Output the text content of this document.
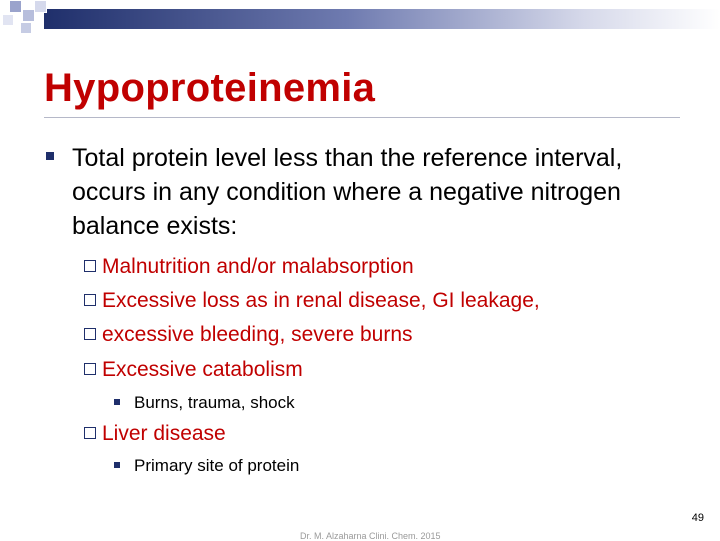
Hypoproteinemia
Total protein level less than the reference interval, occurs in any condition where a negative nitrogen balance exists:
Malnutrition and/or malabsorption
Excessive loss as in renal disease, GI leakage,
excessive bleeding, severe burns
Excessive catabolism
Burns, trauma, shock
Liver disease
Primary site of protein
Dr. M. Alzaharna Clini. Chem. 2015
49
